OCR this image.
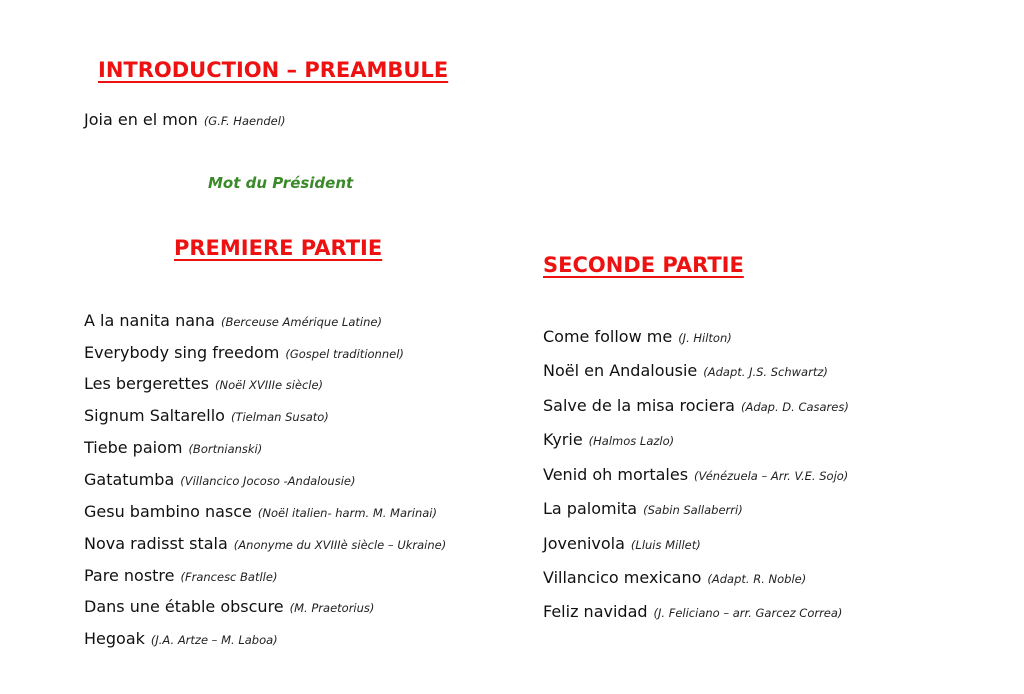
INTRODUCTION – PREAMBULE
Joia en el mon (G.F. Haendel)
Mot du Président
PREMIERE PARTIE
A la nanita nana (Berceuse Amérique Latine)
Everybody sing freedom (Gospel traditionnel)
Les bergerettes (Noël XVIIIe siècle)
Signum Saltarello (Tielman Susato)
Tiebe paiom (Bortnianski)
Gatatumba (Villancico Jocoso -Andalousie)
Gesu bambino nasce (Noël italien- harm. M. Marinai)
Nova radisst stala (Anonyme du XVIIIè siècle – Ukraine)
Pare nostre (Francesc Batlle)
Dans une étable obscure (M. Praetorius)
Hegoak (J.A. Artze – M. Laboa)
SECONDE PARTIE
Come follow me (J. Hilton)
Noël en Andalousie (Adapt. J.S. Schwartz)
Salve de la misa rociera (Adap. D. Casares)
Kyrie (Halmos Lazlo)
Venid oh mortales (Vénézuela – Arr. V.E. Sojo)
La palomita (Sabin Sallaberri)
Jovenivola (Lluis Millet)
Villancico mexicano (Adapt. R. Noble)
Feliz navidad (J. Feliciano – arr. Garcez Correa)
